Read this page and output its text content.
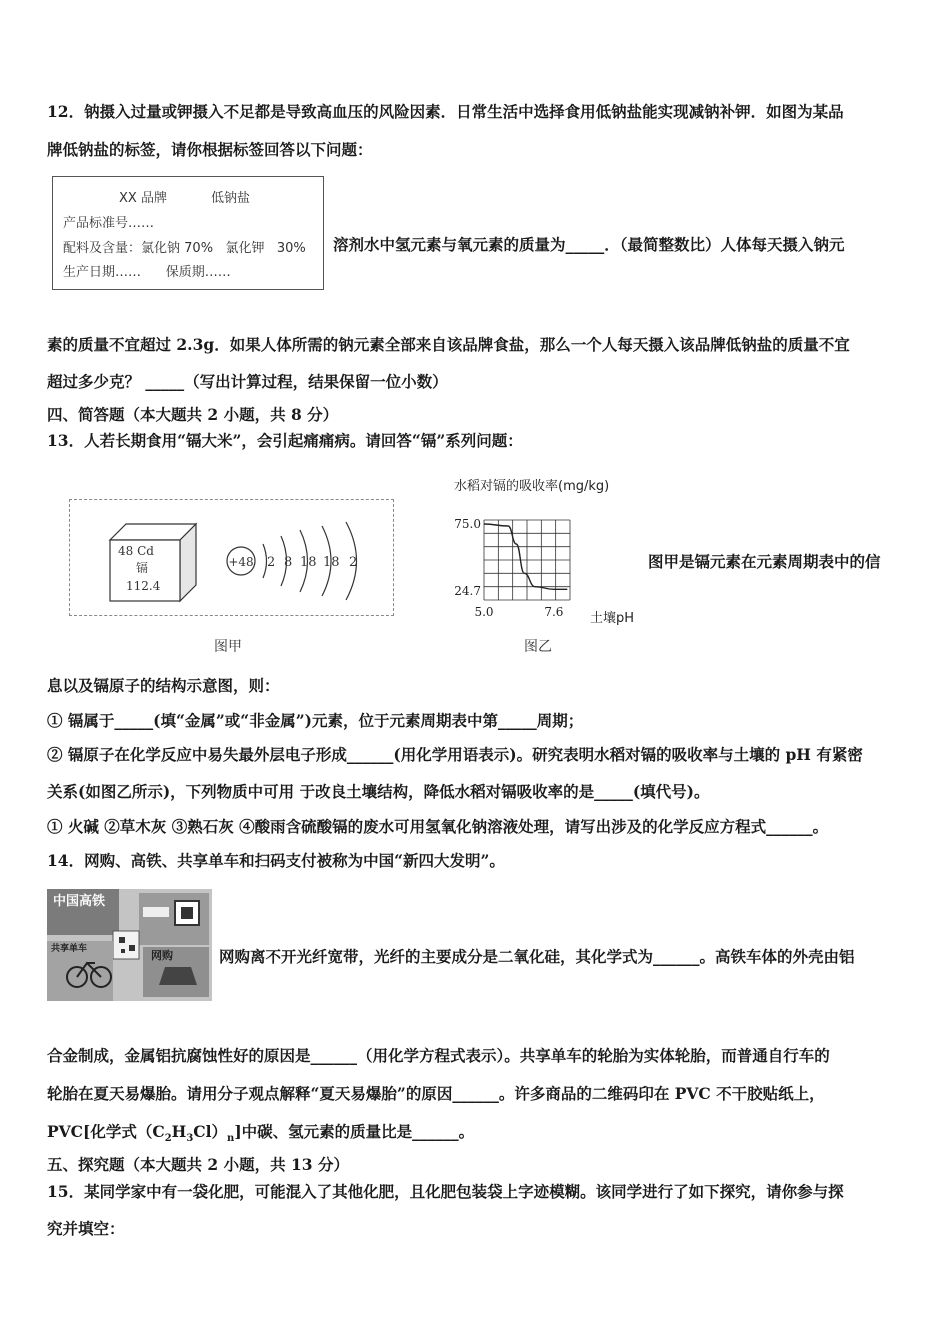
12．钠摄入过量或钾摄入不足都是导致高血压的风险因素．日常生活中选择食用低钠盐能实现减钠补钾．如图为某品
牌低钠盐的标签，请你根据标签回答以下问题：
XX 品牌	低钠盐
产品标准号……
配料及含量：氯化钠 70% 氯化钾 30%
生产日期……      保质期……
溶剂水中氢元素与氧元素的质量为_____．（最简整数比）人体每天摄入钠元
素的质量不宜超过 2.3g．如果人体所需的钠元素全部来自该品牌食盐，那么一个人每天摄入该品牌低钠盐的质量不宜
超过多少克？ _____（写出计算过程，结果保留一位小数）
四、简答题（本大题共 2 小题，共 8 分）
13．人若长期食用“镉大米”，会引起痛痛病。请回答“镉”系列问题：
48 Cd
镉
112.4
+48 2 8 18 18 2
图甲
水稻对镉的吸收率(mg/kg)
75.0
24.7
5.0	7.6 土壤pH
图乙
图甲是镉元素在元素周期表中的信
息以及镉原子的结构示意图，则：
① 镉属于_____(填“金属”或“非金属”)元素，位于元素周期表中第_____周期；
② 镉原子在化学反应中易失最外层电子形成______(用化学用语表示)。研究表明水稻对镉的吸收率与土壤的 pH 有紧密
关系(如图乙所示)，下列物质中可用 于改良土壤结构，降低水稻对镉吸收率的是_____(填代号)。
① 火碱 ②草木灰 ③熟石灰 ④酸雨含硫酸镉的废水可用氢氧化钠溶液处理，请写出涉及的化学反应方程式______。
14．网购、高铁、共享单车和扫码支付被称为中国“新四大发明”。
中国高铁
共享单车	网购	网购离不开光纤宽带，光纤的主要成分是二氧化硅，其化学式为______。高铁车体的外壳由铝
合金制成，金属铝抗腐蚀性好的原因是______（用化学方程式表示）。共享单车的轮胎为实体轮胎，而普通自行车的
轮胎在夏天易爆胎。请用分子观点解释“夏天易爆胎”的原因______。许多商品的二维码印在 PVC 不干胶贴纸上，
PVC[化学式$(C_2H_3Cl)_n$]中碳、氢元素的质量比是______。
五、探究题（本大题共 2 小题，共 13 分）
15．某同学家中有一袋化肥，可能混入了其他化肥，且化肥包装袋上字迹模糊。该同学进行了如下探究，请你参与探
究并填空：
